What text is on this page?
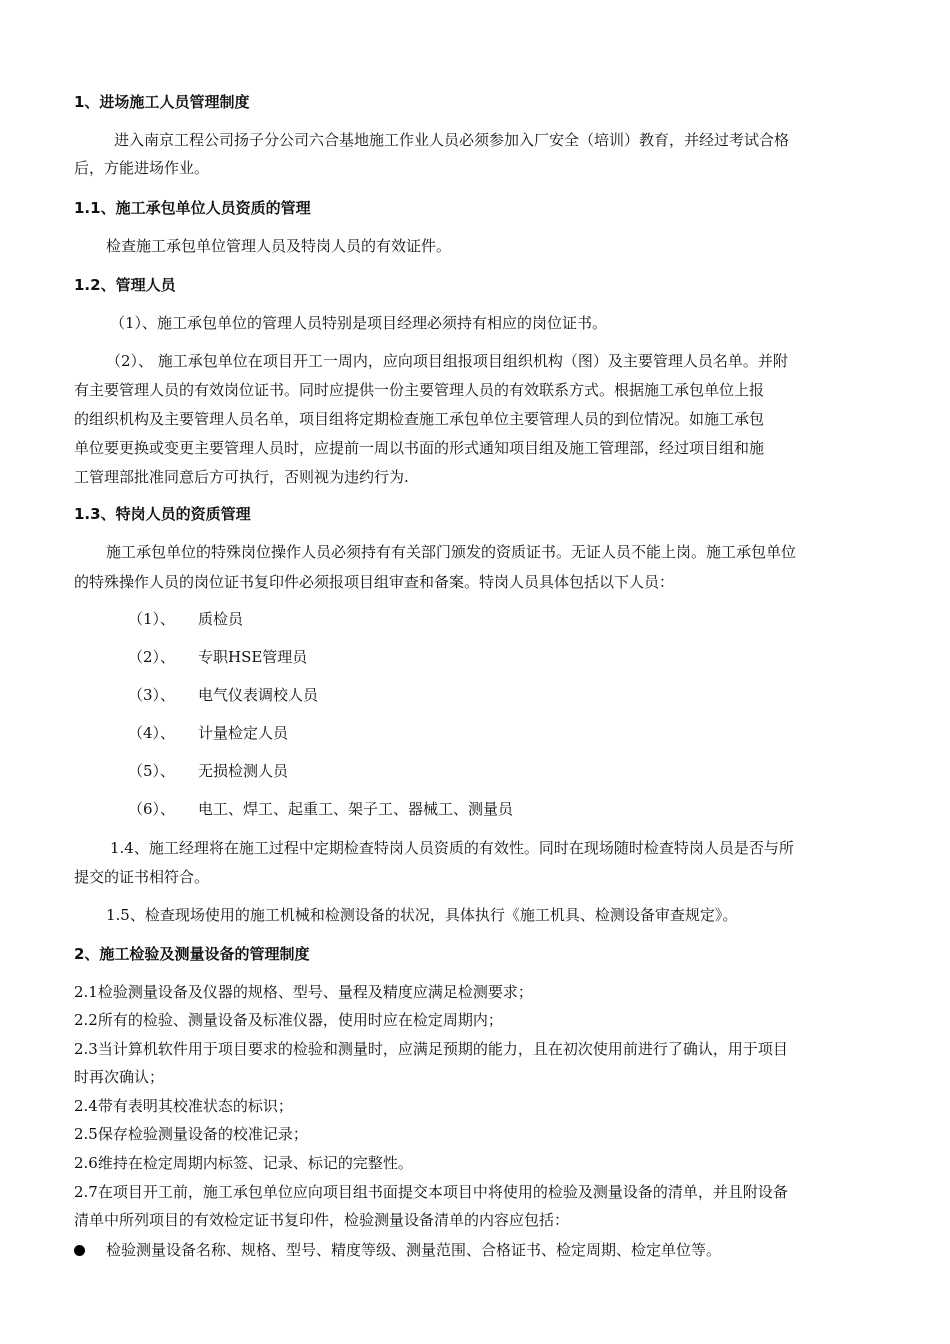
1、进场施工人员管理制度
进入南京工程公司扬子分公司六合基地施工作业人员必须参加入厂安全（培训）教育，并经过考试合格
后，方能进场作业。
1.1、施工承包单位人员资质的管理
检查施工承包单位管理人员及特岗人员的有效证件。
1.2、管理人员
（1）、施工承包单位的管理人员特别是项目经理必须持有相应的岗位证书。
（2）、 施工承包单位在项目开工一周内，应向项目组报项目组织机构（图）及主要管理人员名单。并附
有主要管理人员的有效岗位证书。同时应提供一份主要管理人员的有效联系方式。根据施工承包单位上报
的组织机构及主要管理人员名单，项目组将定期检查施工承包单位主要管理人员的到位情况。如施工承包
单位要更换或变更主要管理人员时，应提前一周以书面的形式通知项目组及施工管理部，经过项目组和施
工管理部批准同意后方可执行，否则视为违约行为.
1.3、特岗人员的资质管理
施工承包单位的特殊岗位操作人员必须持有有关部门颁发的资质证书。无证人员不能上岗。施工承包单位
的特殊操作人员的岗位证书复印件必须报项目组审查和备案。特岗人员具体包括以下人员：
（1）、 质检员
（2）、 专职HSE管理员
（3）、 电气仪表调校人员
（4）、 计量检定人员
（5）、 无损检测人员
（6）、 电工、焊工、起重工、架子工、器械工、测量员
1.4、施工经理将在施工过程中定期检查特岗人员资质的有效性。同时在现场随时检查特岗人员是否与所
提交的证书相符合。
1.5、检查现场使用的施工机械和检测设备的状况，具体执行《施工机具、检测设备审查规定》。
2、施工检验及测量设备的管理制度
2.1检验测量设备及仪器的规格、型号、量程及精度应满足检测要求；
2.2所有的检验、测量设备及标准仪器，使用时应在检定周期内；
2.3当计算机软件用于项目要求的检验和测量时，应满足预期的能力，且在初次使用前进行了确认，用于项目
时再次确认；
2.4带有表明其校准状态的标识；
2.5保存检验测量设备的校准记录；
2.6维持在检定周期内标签、记录、标记的完整性。
2.7在项目开工前，施工承包单位应向项目组书面提交本项目中将使用的检验及测量设备的清单，并且附设备
清单中所列项目的有效检定证书复印件，检验测量设备清单的内容应包括：
检验测量设备名称、规格、型号、精度等级、测量范围、合格证书、检定周期、检定单位等。
